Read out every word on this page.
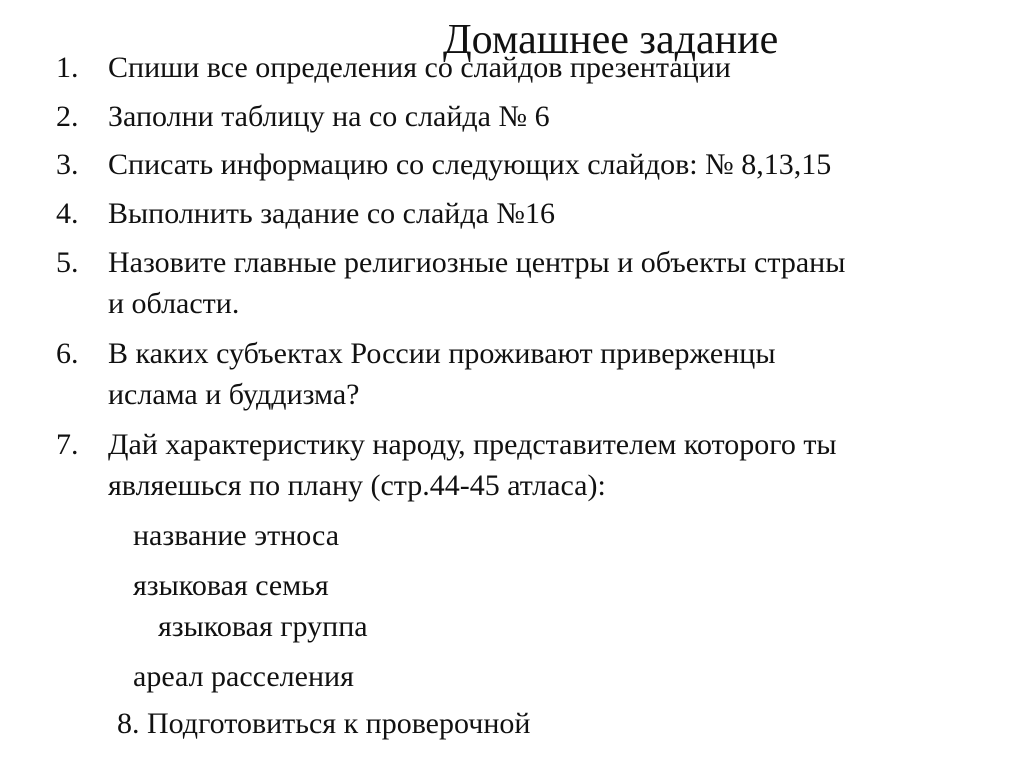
Домашнее задание
1. Спиши все определения со слайдов презентации
2. Заполни таблицу на со слайда № 6
3. Списать информацию со следующих слайдов: № 8,13,15
4. Выполнить задание со слайда №16
5. Назовите главные религиозные центры и объекты страны
и области.
6. В каких субъектах России проживают приверженцы
ислама и буддизма?
7. Дай характеристику народу, представителем которого ты
являешься по плану (стр.44-45 атласа):
название этноса
языковая семья
языковая группа
ареал расселения
8. Подготовиться к проверочной
